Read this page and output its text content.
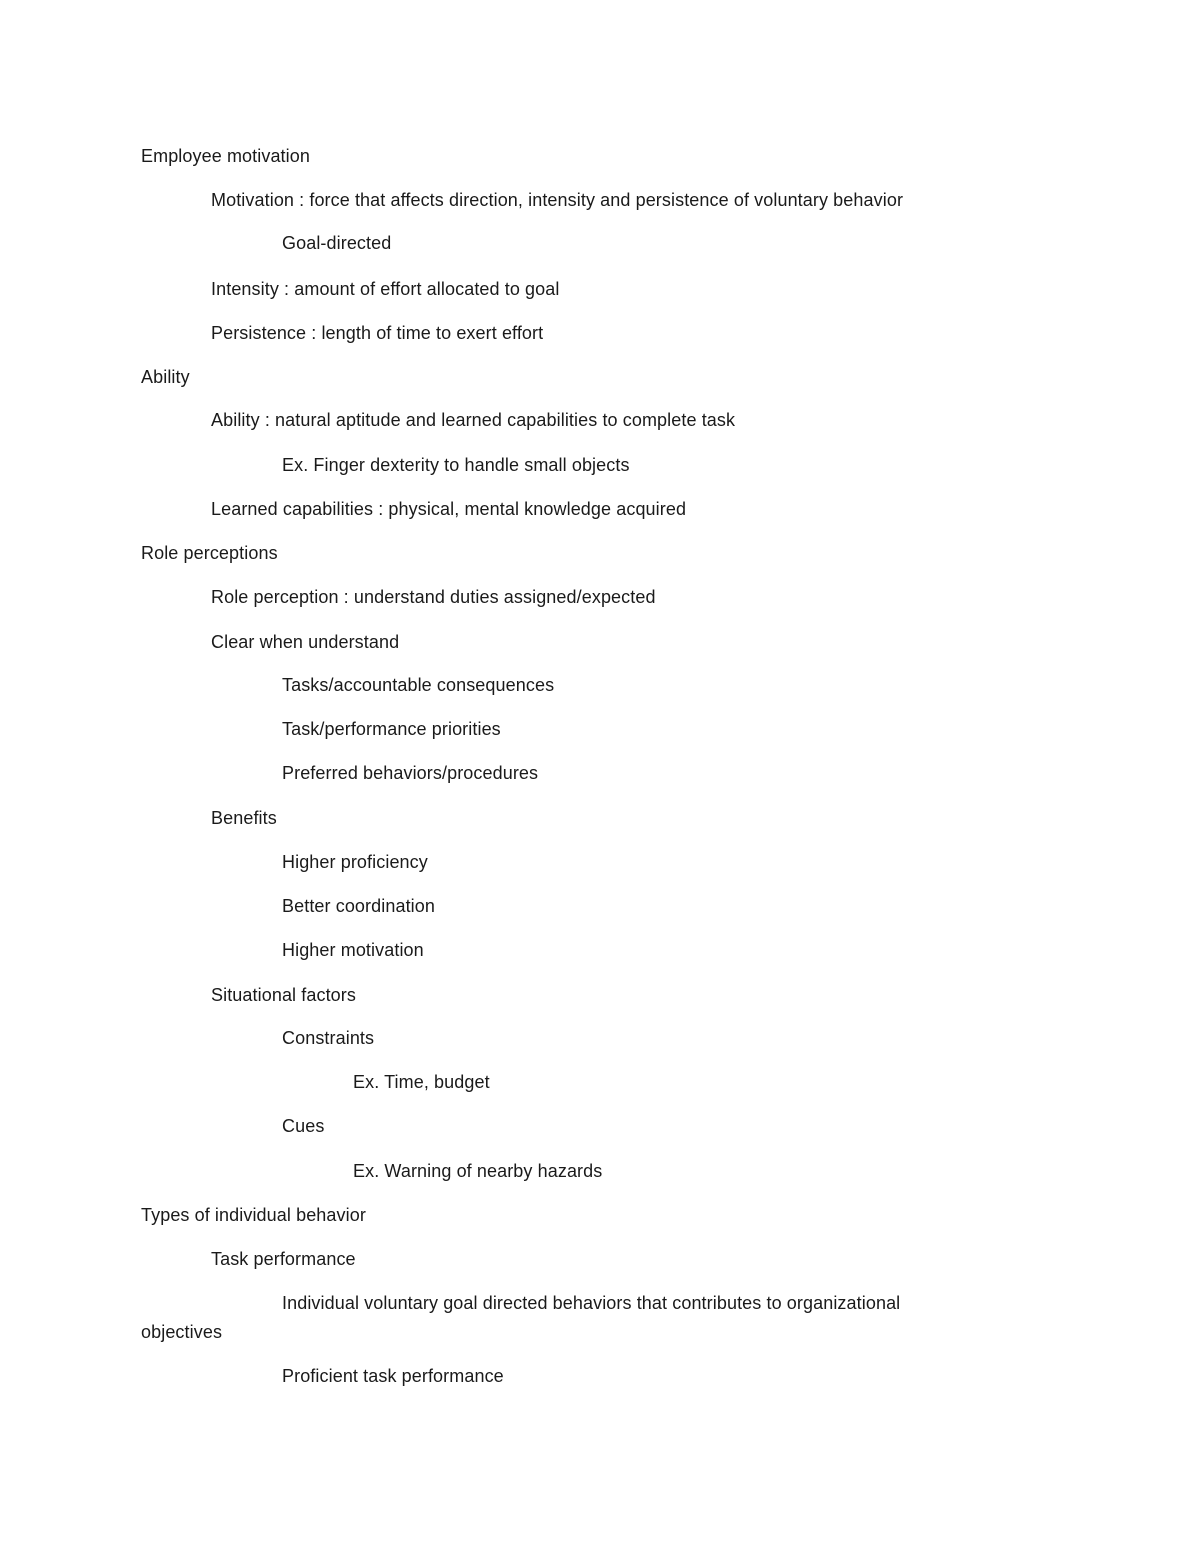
Employee motivation
Motivation : force that affects direction, intensity and persistence of voluntary behavior
Goal-directed
Intensity : amount of effort allocated to goal
Persistence : length of time to exert effort
Ability
Ability : natural aptitude and learned capabilities to complete task
Ex. Finger dexterity to handle small objects
Learned capabilities : physical, mental knowledge acquired
Role perceptions
Role perception : understand duties assigned/expected
Clear when understand
Tasks/accountable consequences
Task/performance priorities
Preferred behaviors/procedures
Benefits
Higher proficiency
Better coordination
Higher motivation
Situational factors
Constraints
Ex. Time, budget
Cues
Ex. Warning of nearby hazards
Types of individual behavior
Task performance
Individual voluntary goal directed behaviors that contributes to organizational
objectives
Proficient task performance
